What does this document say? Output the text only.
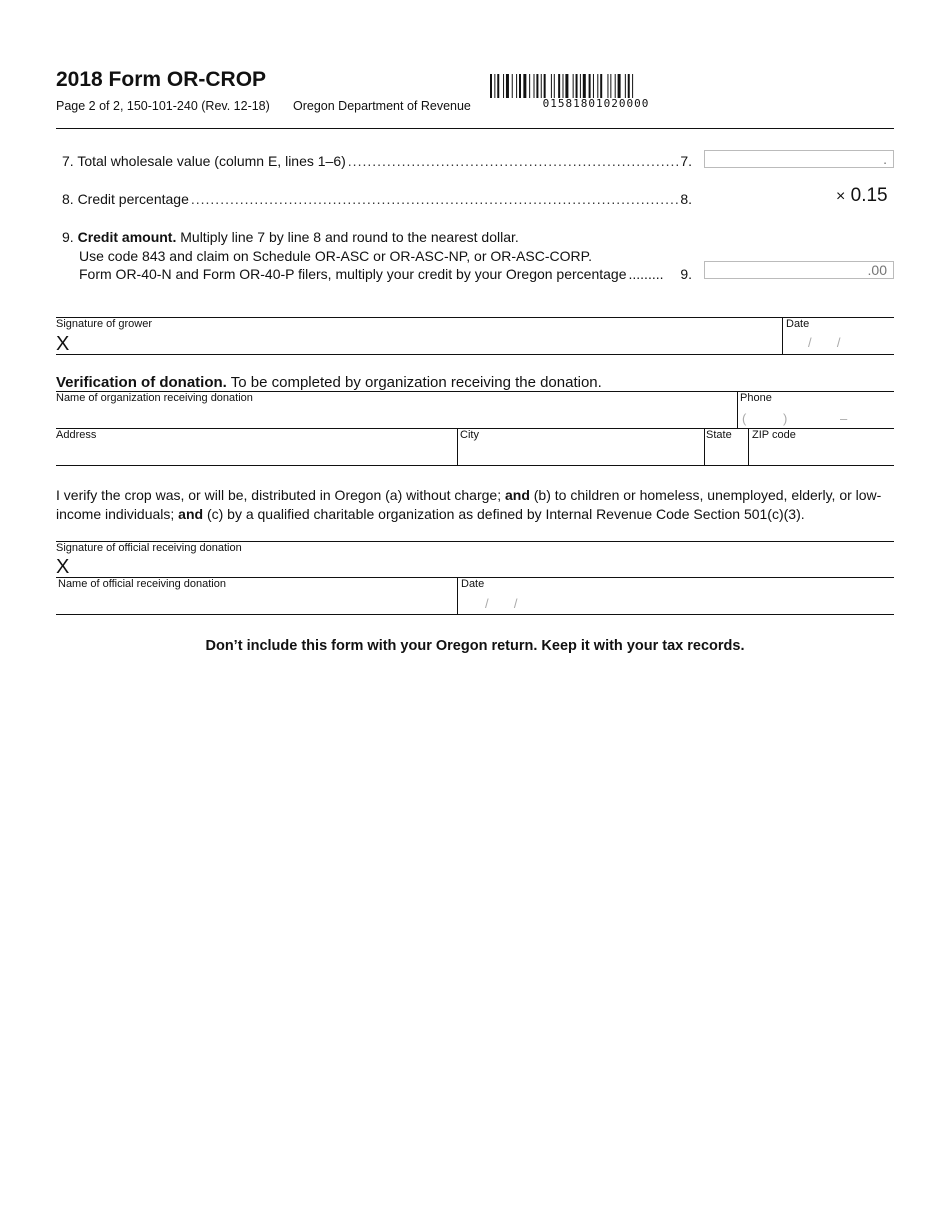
2018 Form OR-CROP
Page 2 of 2, 150-101-240 (Rev. 12-18) Oregon Department of Revenue	01581801020000
7. Total wholesale value (column E, lines 1–6) .....	7.
.
8. Credit percentage .....	8.	× 0.15
9. Credit amount. Multiply line 7 by line 8 and round to the nearest dollar.
Use code 843 and claim on Schedule OR-ASC or OR-ASC-NP, or OR-ASC-CORP.
Form OR-40-N and Form OR-40-P filers, multiply your credit by your Oregon percentage .........	9.
.00
Signature of grower
X
Date
/       /
Verification of donation. To be completed by organization receiving the donation.
Name of organization receiving donation	Phone
(	)	–
Address	City	State ZIP code
I verify the crop was, or will be, distributed in Oregon (a) without charge; and (b) to children or homeless, unemployed, elderly, or low-income individuals; and (c) by a qualified charitable organization as defined by Internal Revenue Code Section 501(c)(3).
Signature of official receiving donation
X
Name of official receiving donation	Date
/       /
Don’t include this form with your Oregon return. Keep it with your tax records.
